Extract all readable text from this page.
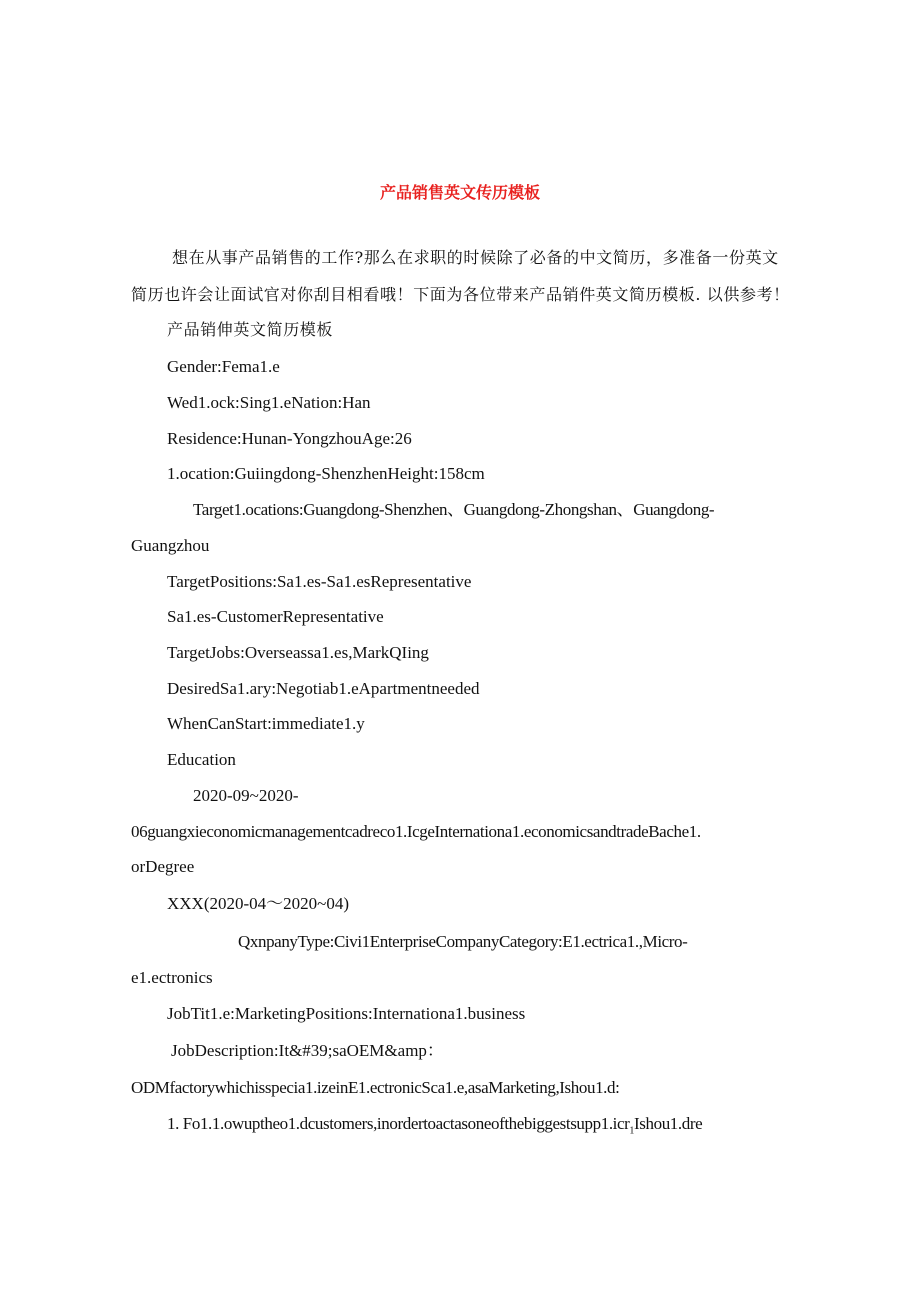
产品销售英文传历模板

想在从事产品销售的工作?那么在求职的时候除了必备的中文简历，多准备一份英文

简历也许会让面试官对你刮目相看哦！下面为各位带来产品销件英文简历模板. 以供参考！

产品销伸英文简历模板

Gender:Fema1.e

Wed1.ock:Sing1.eNation:Han

Residence:Hunan-YongzhouAge:26

1.ocation:Guiingdong-ShenzhenHeight:158cm

Target1.ocations:Guangdong-Shenzhen、Guangdong-Zhongshan、Guangdong-

Guangzhou

TargetPositions:Sa1.es-Sa1.esRepresentative

Sa1.es-CustomerRepresentative

TargetJobs:Overseassa1.es,MarkQIing

DesiredSa1.ary:Negotiab1.eApartmentneeded

WhenCanStart:immediate1.y

Education

2020-09~2020-

06guangxieconomicmanagementcadreco1.IcgeInternationa1.economicsandtradeBache1.

orDegree

XXX(2020-04～2020~04)

QxnpanyType:Civi1EnterpriseCompanyCategory:E1.ectrica1.,Micro-

e1.ectronics

JobTit1.e:MarketingPositions:Internationa1.business

JobDescription:It&#39;saOEM&amp：

ODMfactorywhichisspecia1.izeinE1.ectronicSca1.e,asaMarketing,Ishou1.d:

1. Fo1.1.owuptheo1.dcustomers,inordertoactasoneofthebiggestsupp1.icr$_1$Ishou1.dre
